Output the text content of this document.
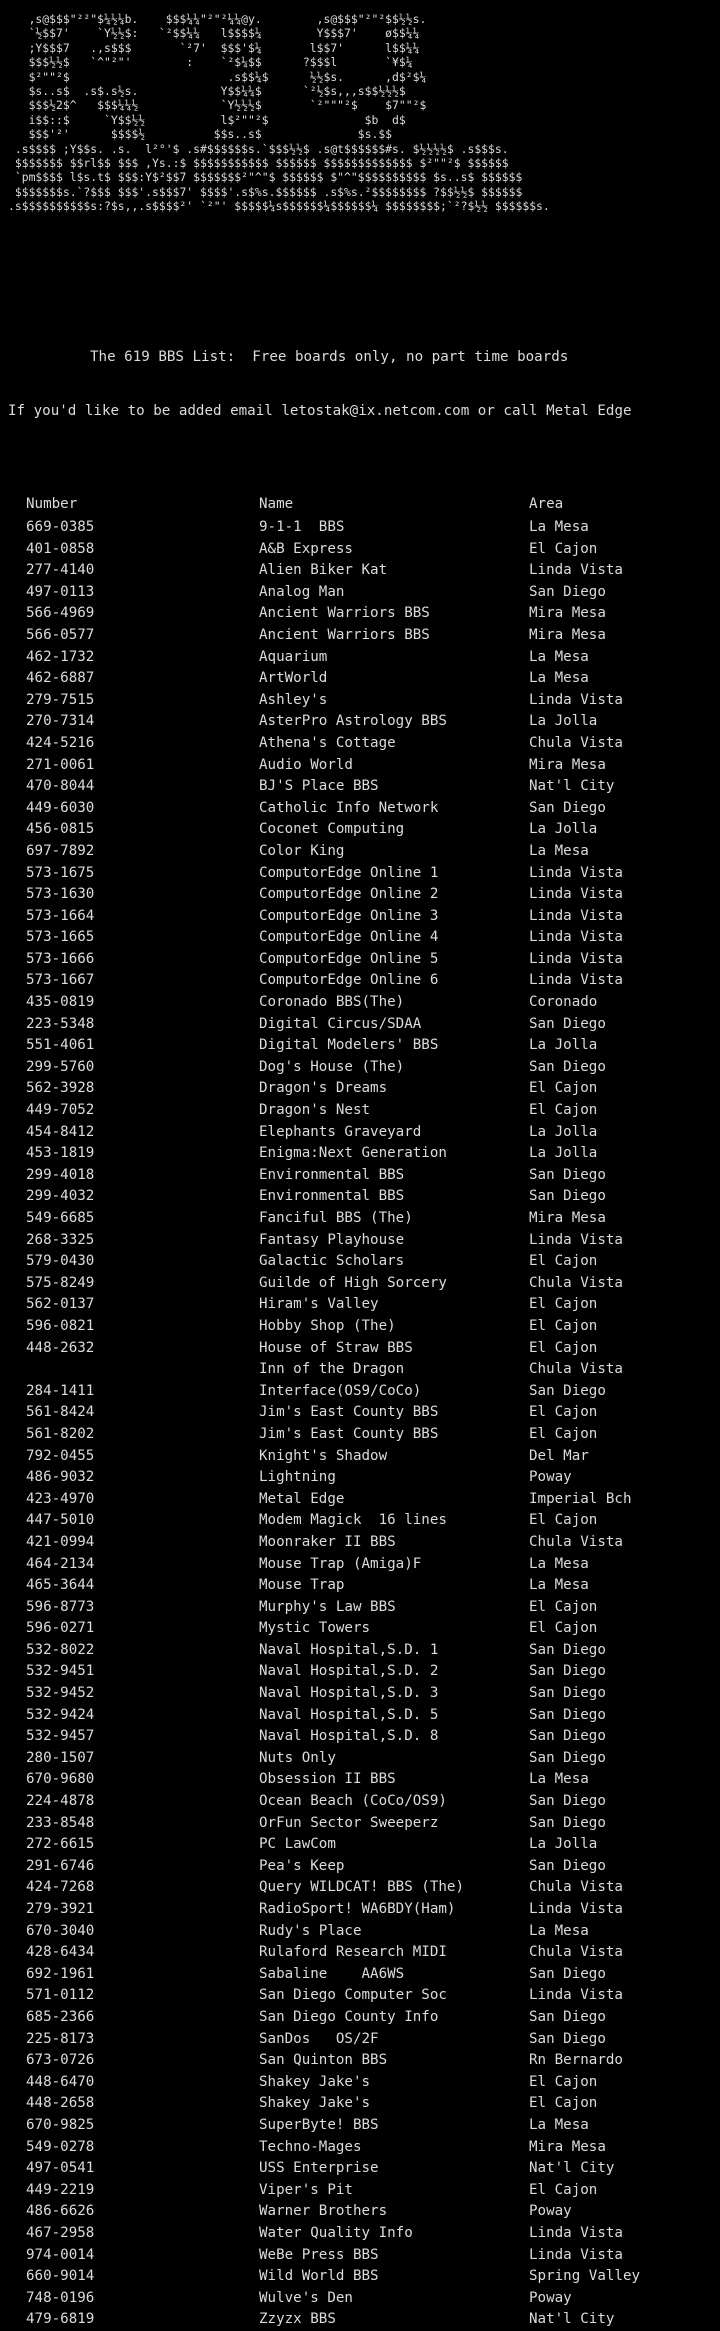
,s@$$$"²²"$¼½¼b.    $$$¼¼"²"²¼¼@y.        ,s@$$$"²"²$$½½s.
`½$$7'    `Y½½$:   `²$$¼¼   l$$$$¼        Y$$$7'    ø$$¼¼
;Y$$$7   .,s$$$       `²7'  $$$'$¼       l$$7'      l$$¼¼
$$$½½$   `^"²"'        :    `²$¼$$      ?$$$l       `¥$¼
$²""²$                       .s$$¼$      ½½$s.      ,d$²$¼
$s..s$  .s$.s½s.            Y$$¼¼$      `²½$s,,,s$$½½½$
$$$½2$^   $$$¼¼½            `Y½½½$       `²"""²$    $7""²$
i$$::$     `Y$$½½           l$²""²$              $b  d$
$$$'²'      $$$$½          $$s..s$              $s.$$
.s$$$$ ;Y$$s. .s.  l²°'$ .s#$$$$$$s.`$$$½½$ .s@t$$$$$$#s. $½½½½$ .s$$$s.
$$$$$$$ $$rl$$ $$$ ,Ys.:$ $$$$$$$$$$$ $$$$$$ $$$$$$$$$$$$$ $²""²$ $$$$$$
`pm$$$$ l$s.t$ $$$:Y$²$$7 $$$$$$$²"^"$ $$$$$$ $"^"$$$$$$$$$$ $s..s$ $$$$$$
$$$$$$$s.`?$$$ $$$'.s$$$7' $$$$'.s$%s.$$$$$$ .s$%s.²$$$$$$$$ ?$$½½$ $$$$$$
.s$$$$$$$$$$s:?$s,,.s$$$$²' `²"' $$$$$¼s$$$$$$¼$$$$$$¼ $$$$$$$$;`²?$½½ $$$$$$s.

The 619 BBS List:  Free boards only, no part time boards

If you'd like to be added email letostak@ix.netcom.com or call Metal Edge

Number	Name	Area
669-0385	9-1-1  BBS	La Mesa
401-0858	A&B Express	El Cajon
277-4140	Alien Biker Kat	Linda Vista
497-0113	Analog Man	San Diego
566-4969	Ancient Warriors BBS	Mira Mesa
566-0577	Ancient Warriors BBS	Mira Mesa
462-1732	Aquarium	La Mesa
462-6887	ArtWorld	La Mesa
279-7515	Ashley's	Linda Vista
270-7314	AsterPro Astrology BBS	La Jolla
424-5216	Athena's Cottage	Chula Vista
271-0061	Audio World	Mira Mesa
470-8044	BJ'S Place BBS	Nat'l City
449-6030	Catholic Info Network	San Diego
456-0815	Coconet Computing	La Jolla
697-7892	Color King	La Mesa
573-1675	ComputorEdge Online 1	Linda Vista
573-1630	ComputorEdge Online 2	Linda Vista
573-1664	ComputorEdge Online 3	Linda Vista
573-1665	ComputorEdge Online 4	Linda Vista
573-1666	ComputorEdge Online 5	Linda Vista
573-1667	ComputorEdge Online 6	Linda Vista
435-0819	Coronado BBS(The)	Coronado
223-5348	Digital Circus/SDAA	San Diego
551-4061	Digital Modelers' BBS	La Jolla
299-5760	Dog's House (The)	San Diego
562-3928	Dragon's Dreams	El Cajon
449-7052	Dragon's Nest	El Cajon
454-8412	Elephants Graveyard	La Jolla
453-1819	Enigma:Next Generation	La Jolla
299-4018	Environmental BBS	San Diego
299-4032	Environmental BBS	San Diego
549-6685	Fanciful BBS (The)	Mira Mesa
268-3325	Fantasy Playhouse	Linda Vista
579-0430	Galactic Scholars	El Cajon
575-8249	Guilde of High Sorcery	Chula Vista
562-0137	Hiram's Valley	El Cajon
596-0821	Hobby Shop (The)	El Cajon
448-2632	House of Straw BBS	El Cajon
	Inn of the Dragon	Chula Vista
284-1411	Interface(OS9/CoCo)	San Diego
561-8424	Jim's East County BBS	El Cajon
561-8202	Jim's East County BBS	El Cajon
792-0455	Knight's Shadow	Del Mar
486-9032	Lightning	Poway
423-4970	Metal Edge	Imperial Bch
447-5010	Modem Magick  16 lines	El Cajon
421-0994	Moonraker II BBS	Chula Vista
464-2134	Mouse Trap (Amiga)F	La Mesa
465-3644	Mouse Trap	La Mesa
596-8773	Murphy's Law BBS	El Cajon
596-0271	Mystic Towers	El Cajon
532-8022	Naval Hospital,S.D. 1	San Diego
532-9451	Naval Hospital,S.D. 2	San Diego
532-9452	Naval Hospital,S.D. 3	San Diego
532-9424	Naval Hospital,S.D. 5	San Diego
532-9457	Naval Hospital,S.D. 8	San Diego
280-1507	Nuts Only	San Diego
670-9680	Obsession II BBS	La Mesa
224-4878	Ocean Beach (CoCo/OS9)	San Diego
233-8548	OrFun Sector Sweeperz	San Diego
272-6615	PC LawCom	La Jolla
291-6746	Pea's Keep	San Diego
424-7268	Query WILDCAT! BBS (The)	Chula Vista
279-3921	RadioSport! WA6BDY(Ham)	Linda Vista
670-3040	Rudy's Place	La Mesa
428-6434	Rulaford Research MIDI	Chula Vista
692-1961	Sabaline    AA6WS	San Diego
571-0112	San Diego Computer Soc	Linda Vista
685-2366	San Diego County Info	San Diego
225-8173	SanDos   OS/2F	San Diego
673-0726	San Quinton BBS	Rn Bernardo
448-6470	Shakey Jake's	El Cajon
448-2658	Shakey Jake's	El Cajon
670-9825	SuperByte! BBS	La Mesa
549-0278	Techno-Mages	Mira Mesa
497-0541	USS Enterprise	Nat'l City
449-2219	Viper's Pit	El Cajon
486-6626	Warner Brothers	Poway
467-2958	Water Quality Info	Linda Vista
974-0014	WeBe Press BBS	Linda Vista
660-9014	Wild World BBS	Spring Valley
748-0196	Wulve's Den	Poway
479-6819	Zzyzx BBS	Nat'l City
